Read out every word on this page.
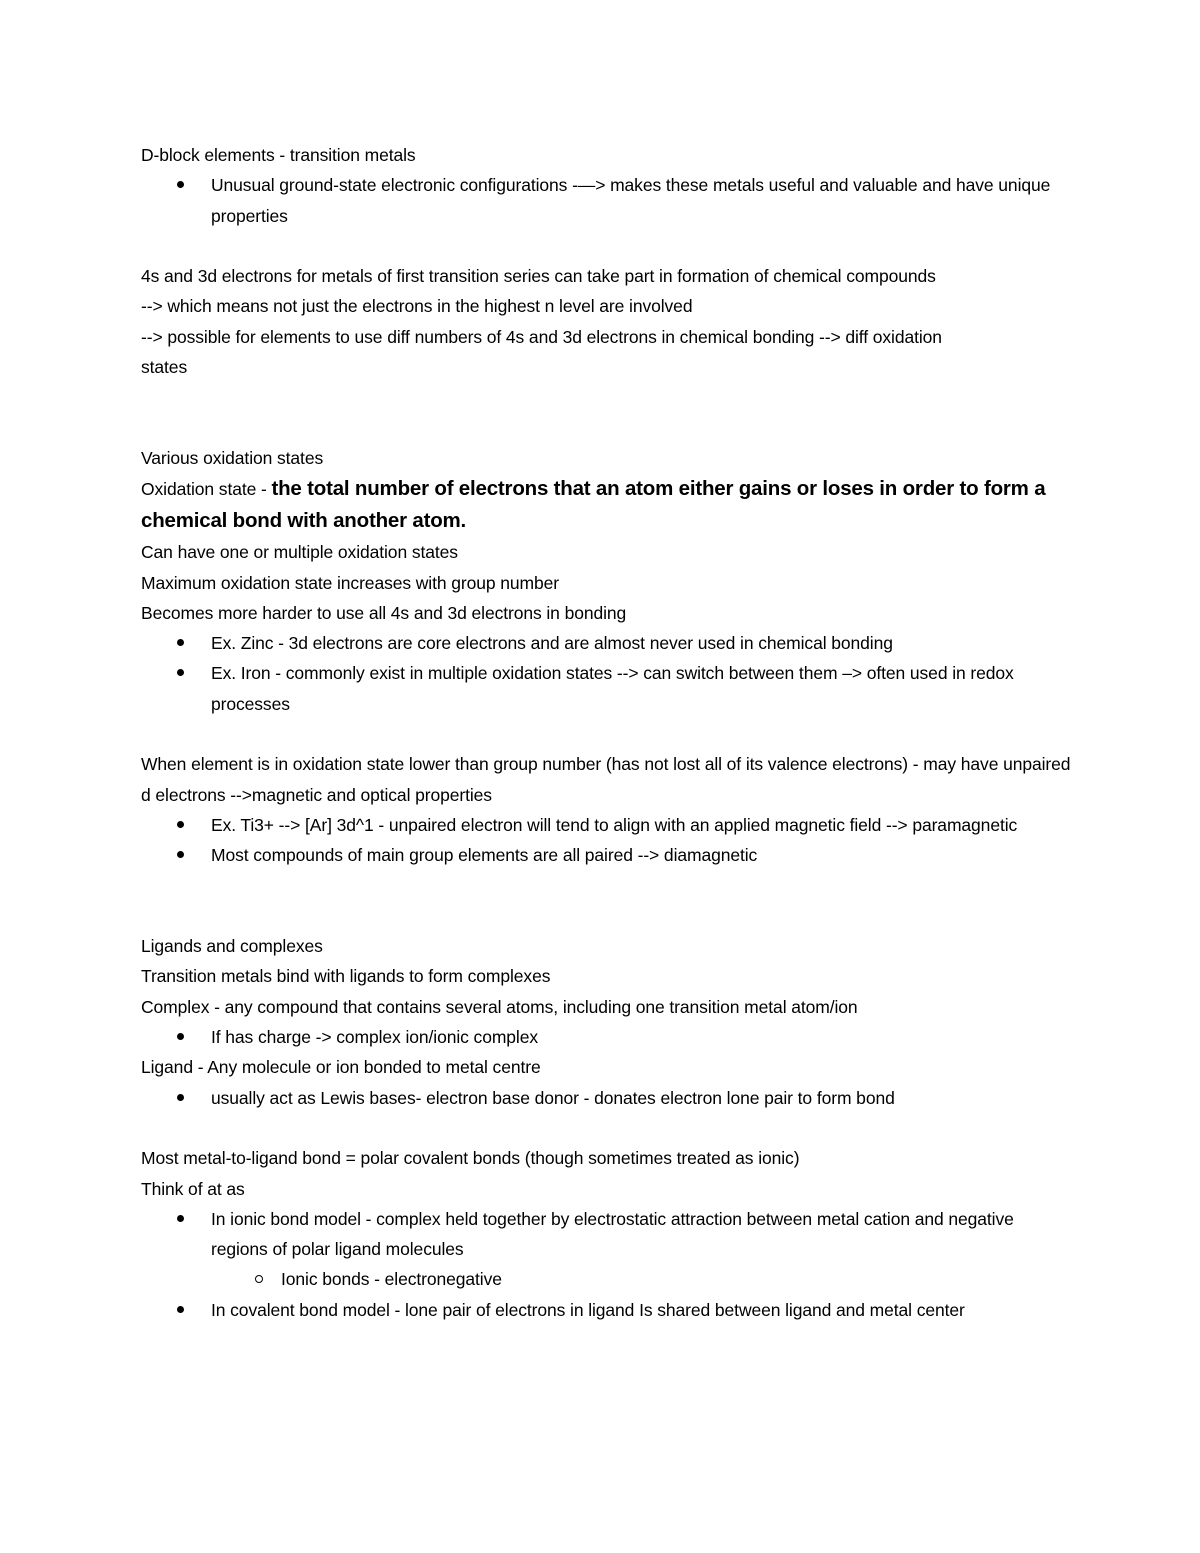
D-block elements - transition metals

Unusual ground-state electronic configurations -—> makes these metals useful and valuable and have unique properties

4s and 3d electrons for metals of first transition series can take part in formation of chemical compounds

--> which means not just the electrons in the highest n level are involved

--> possible for elements to use diff numbers of 4s and 3d electrons in chemical bonding --> diff oxidation states

Various oxidation states

Oxidation state - the total number of electrons that an atom either gains or loses in order to form a chemical bond with another atom.

Can have one or multiple oxidation states

Maximum oxidation state increases with group number

Becomes more harder to use all 4s and 3d electrons in bonding

Ex. Zinc - 3d electrons are core electrons and are almost never used in chemical bonding
Ex. Iron - commonly exist in multiple oxidation states --> can switch between them –> often used in redox processes

When element is in oxidation state lower than group number (has not lost all of its valence electrons) - may have unpaired d electrons -->magnetic and optical properties

Ex. Ti3+ --> [Ar] 3d^1 - unpaired electron will tend to align with an applied magnetic field --> paramagnetic
Most compounds of main group elements are all paired --> diamagnetic

Ligands and complexes

Transition metals bind with ligands to form complexes

Complex - any compound that contains several atoms, including one transition metal atom/ion

If has charge -> complex ion/ionic complex

Ligand - Any molecule or ion bonded to metal centre

usually act as Lewis bases- electron base donor - donates electron lone pair to form bond

Most metal-to-ligand bond = polar covalent bonds (though sometimes treated as ionic)

Think of at as

In ionic bond model - complex held together by electrostatic attraction between metal cation and negative regions of polar ligand molecules
Ionic bonds - electronegative
In covalent bond model - lone pair of electrons in ligand Is shared between ligand and metal center
